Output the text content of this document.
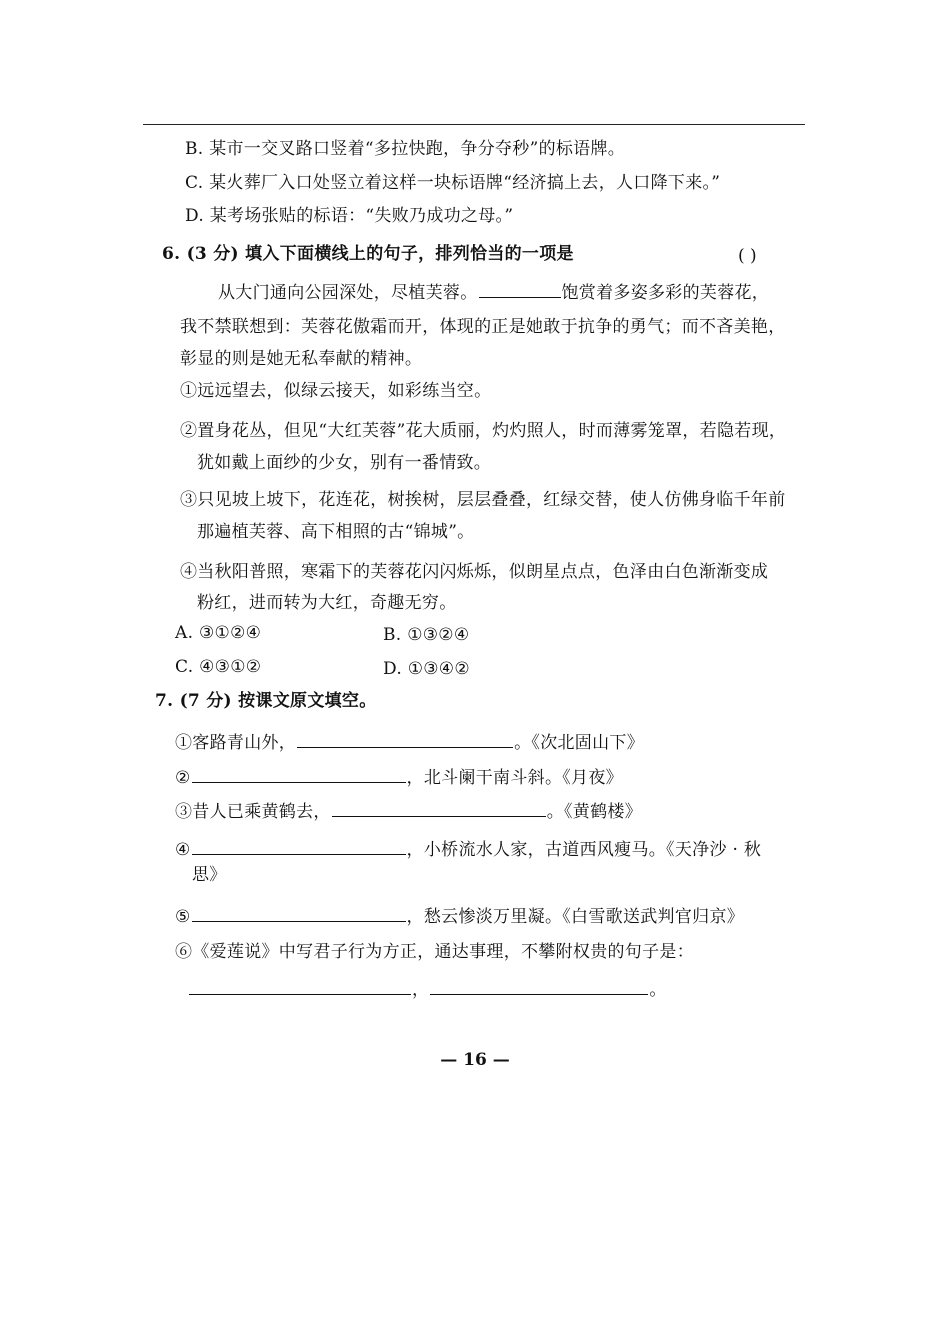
B. 某市一交叉路口竖着“多拉快跑，争分夺秒”的标语牌。
C. 某火葬厂入口处竖立着这样一块标语牌“经济搞上去，人口降下来。”
D. 某考场张贴的标语：“失败乃成功之母。”
6. (3 分) 填入下面横线上的句子，排列恰当的一项是	( )
从大门通向公园深处，尽植芙蓉。	饱赏着多姿多彩的芙蓉花，
我不禁联想到：芙蓉花傲霜而开，体现的正是她敢于抗争的勇气；而不吝美艳，
彰显的则是她无私奉献的精神。
①远远望去，似绿云接天，如彩练当空。
②置身花丛，但见“大红芙蓉”花大质丽，灼灼照人，时而薄雾笼罩，若隐若现，
犹如戴上面纱的少女，别有一番情致。
③只见坡上坡下，花连花，树挨树，层层叠叠，红绿交替，使人仿佛身临千年前
那遍植芙蓉、高下相照的古“锦城”。
④当秋阳普照，寒霜下的芙蓉花闪闪烁烁，似朗星点点，色泽由白色渐渐变成
粉红，进而转为大红，奇趣无穷。
A. ③①②④	B. ①③②④
C. ④③①②	D. ①③④②
7. (7 分) 按课文原文填空。
①客路青山外，	。《次北固山下》
②	，北斗阑干南斗斜。《月夜》
③昔人已乘黄鹤去，	。《黄鹤楼》
④	，小桥流水人家，古道西风瘦马。《天净沙 · 秋
思》
⑤	，愁云惨淡万里凝。《白雪歌送武判官归京》
⑥《爱莲说》中写君子行为方正，通达事理，不攀附权贵的句子是：
，	。
— 16 —
